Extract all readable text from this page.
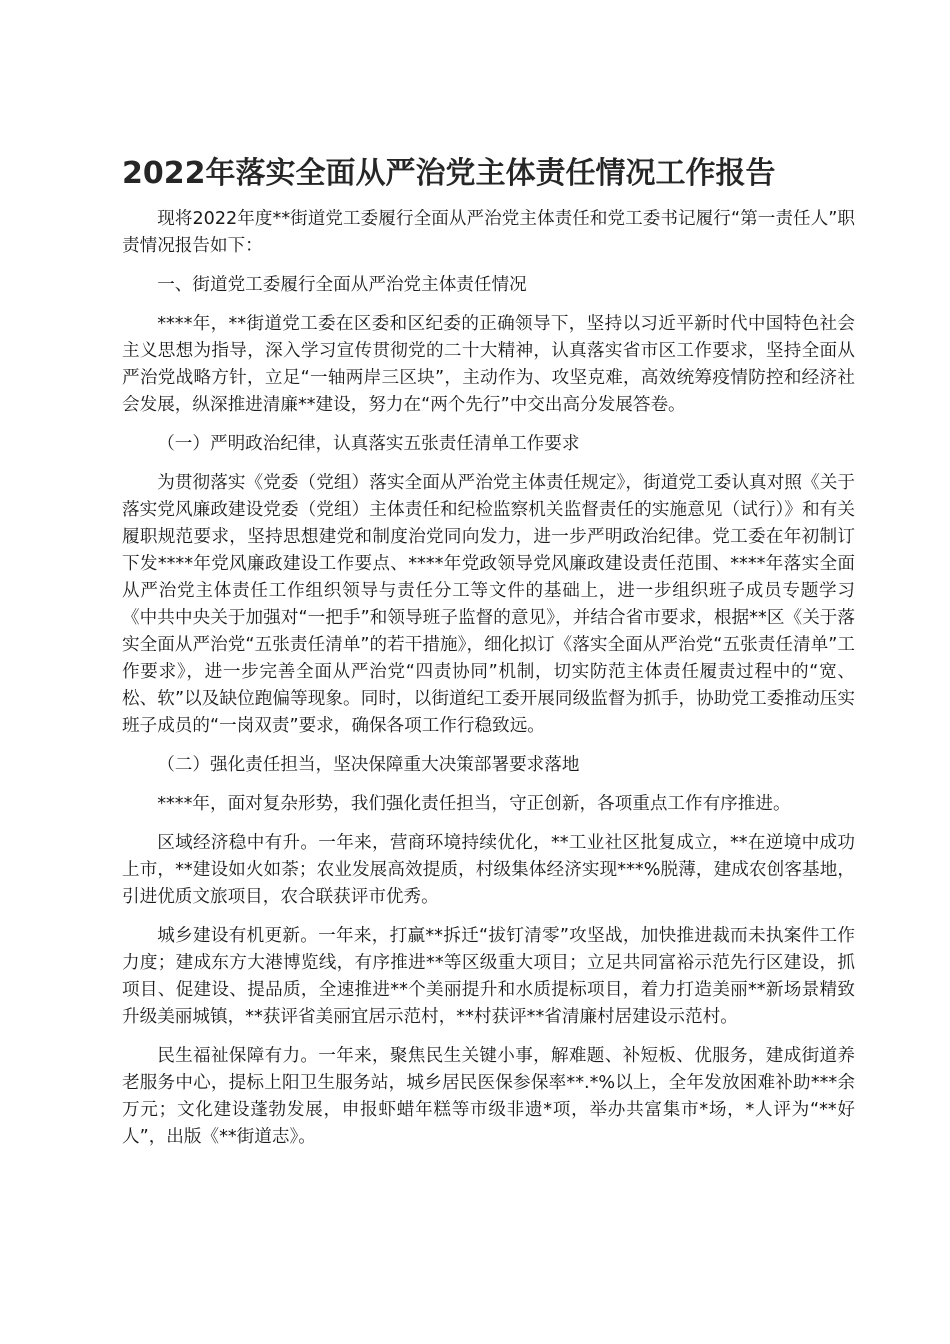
2022年落实全面从严治党主体责任情况工作报告

现将2022年度**街道党工委履行全面从严治党主体责任和党工委书记履行“第一责任人”职责情况报告如下：

一、街道党工委履行全面从严治党主体责任情况

****年，**街道党工委在区委和区纪委的正确领导下，坚持以习近平新时代中国特色社会主义思想为指导，深入学习宣传贯彻党的二十大精神，认真落实省市区工作要求，坚持全面从严治党战略方针，立足“一轴两岸三区块”，主动作为、攻坚克难，高效统筹疫情防控和经济社会发展，纵深推进清廉**建设，努力在“两个先行”中交出高分发展答卷。

（一）严明政治纪律，认真落实五张责任清单工作要求

为贯彻落实《党委（党组）落实全面从严治党主体责任规定》，街道党工委认真对照《关于落实党风廉政建设党委（党组）主体责任和纪检监察机关监督责任的实施意见（试行）》和有关履职规范要求，坚持思想建党和制度治党同向发力，进一步严明政治纪律。党工委在年初制订下发****年党风廉政建设工作要点、****年党政领导党风廉政建设责任范围、****年落实全面从严治党主体责任工作组织领导与责任分工等文件的基础上，进一步组织班子成员专题学习《中共中央关于加强对“一把手”和领导班子监督的意见》，并结合省市要求，根据**区《关于落实全面从严治党“五张责任清单”的若干措施》，细化拟订《落实全面从严治党“五张责任清单”工作要求》，进一步完善全面从严治党“四责协同”机制，切实防范主体责任履责过程中的“宽、松、软”以及缺位跑偏等现象。同时，以街道纪工委开展同级监督为抓手，协助党工委推动压实班子成员的“一岗双责”要求，确保各项工作行稳致远。

（二）强化责任担当，坚决保障重大决策部署要求落地

****年，面对复杂形势，我们强化责任担当，守正创新，各项重点工作有序推进。

区域经济稳中有升。一年来，营商环境持续优化，**工业社区批复成立，**在逆境中成功上市，**建设如火如荼；农业发展高效提质，村级集体经济实现***%脱薄，建成农创客基地，引进优质文旅项目，农合联获评市优秀。

城乡建设有机更新。一年来，打赢**拆迁“拔钉清零”攻坚战，加快推进裁而未执案件工作力度；建成东方大港博览线，有序推进**等区级重大项目；立足共同富裕示范先行区建设，抓项目、促建设、提品质，全速推进**个美丽提升和水质提标项目，着力打造美丽**新场景精致升级美丽城镇，**获评省美丽宜居示范村，**村获评**省清廉村居建设示范村。

民生福祉保障有力。一年来，聚焦民生关键小事，解难题、补短板、优服务，建成街道养老服务中心，提标上阳卫生服务站，城乡居民医保参保率**.*%以上，全年发放困难补助***余万元；文化建设蓬勃发展，申报虾蜡年糕等市级非遗*项，举办共富集市*场，*人评为“**好人”，出版《**街道志》。
